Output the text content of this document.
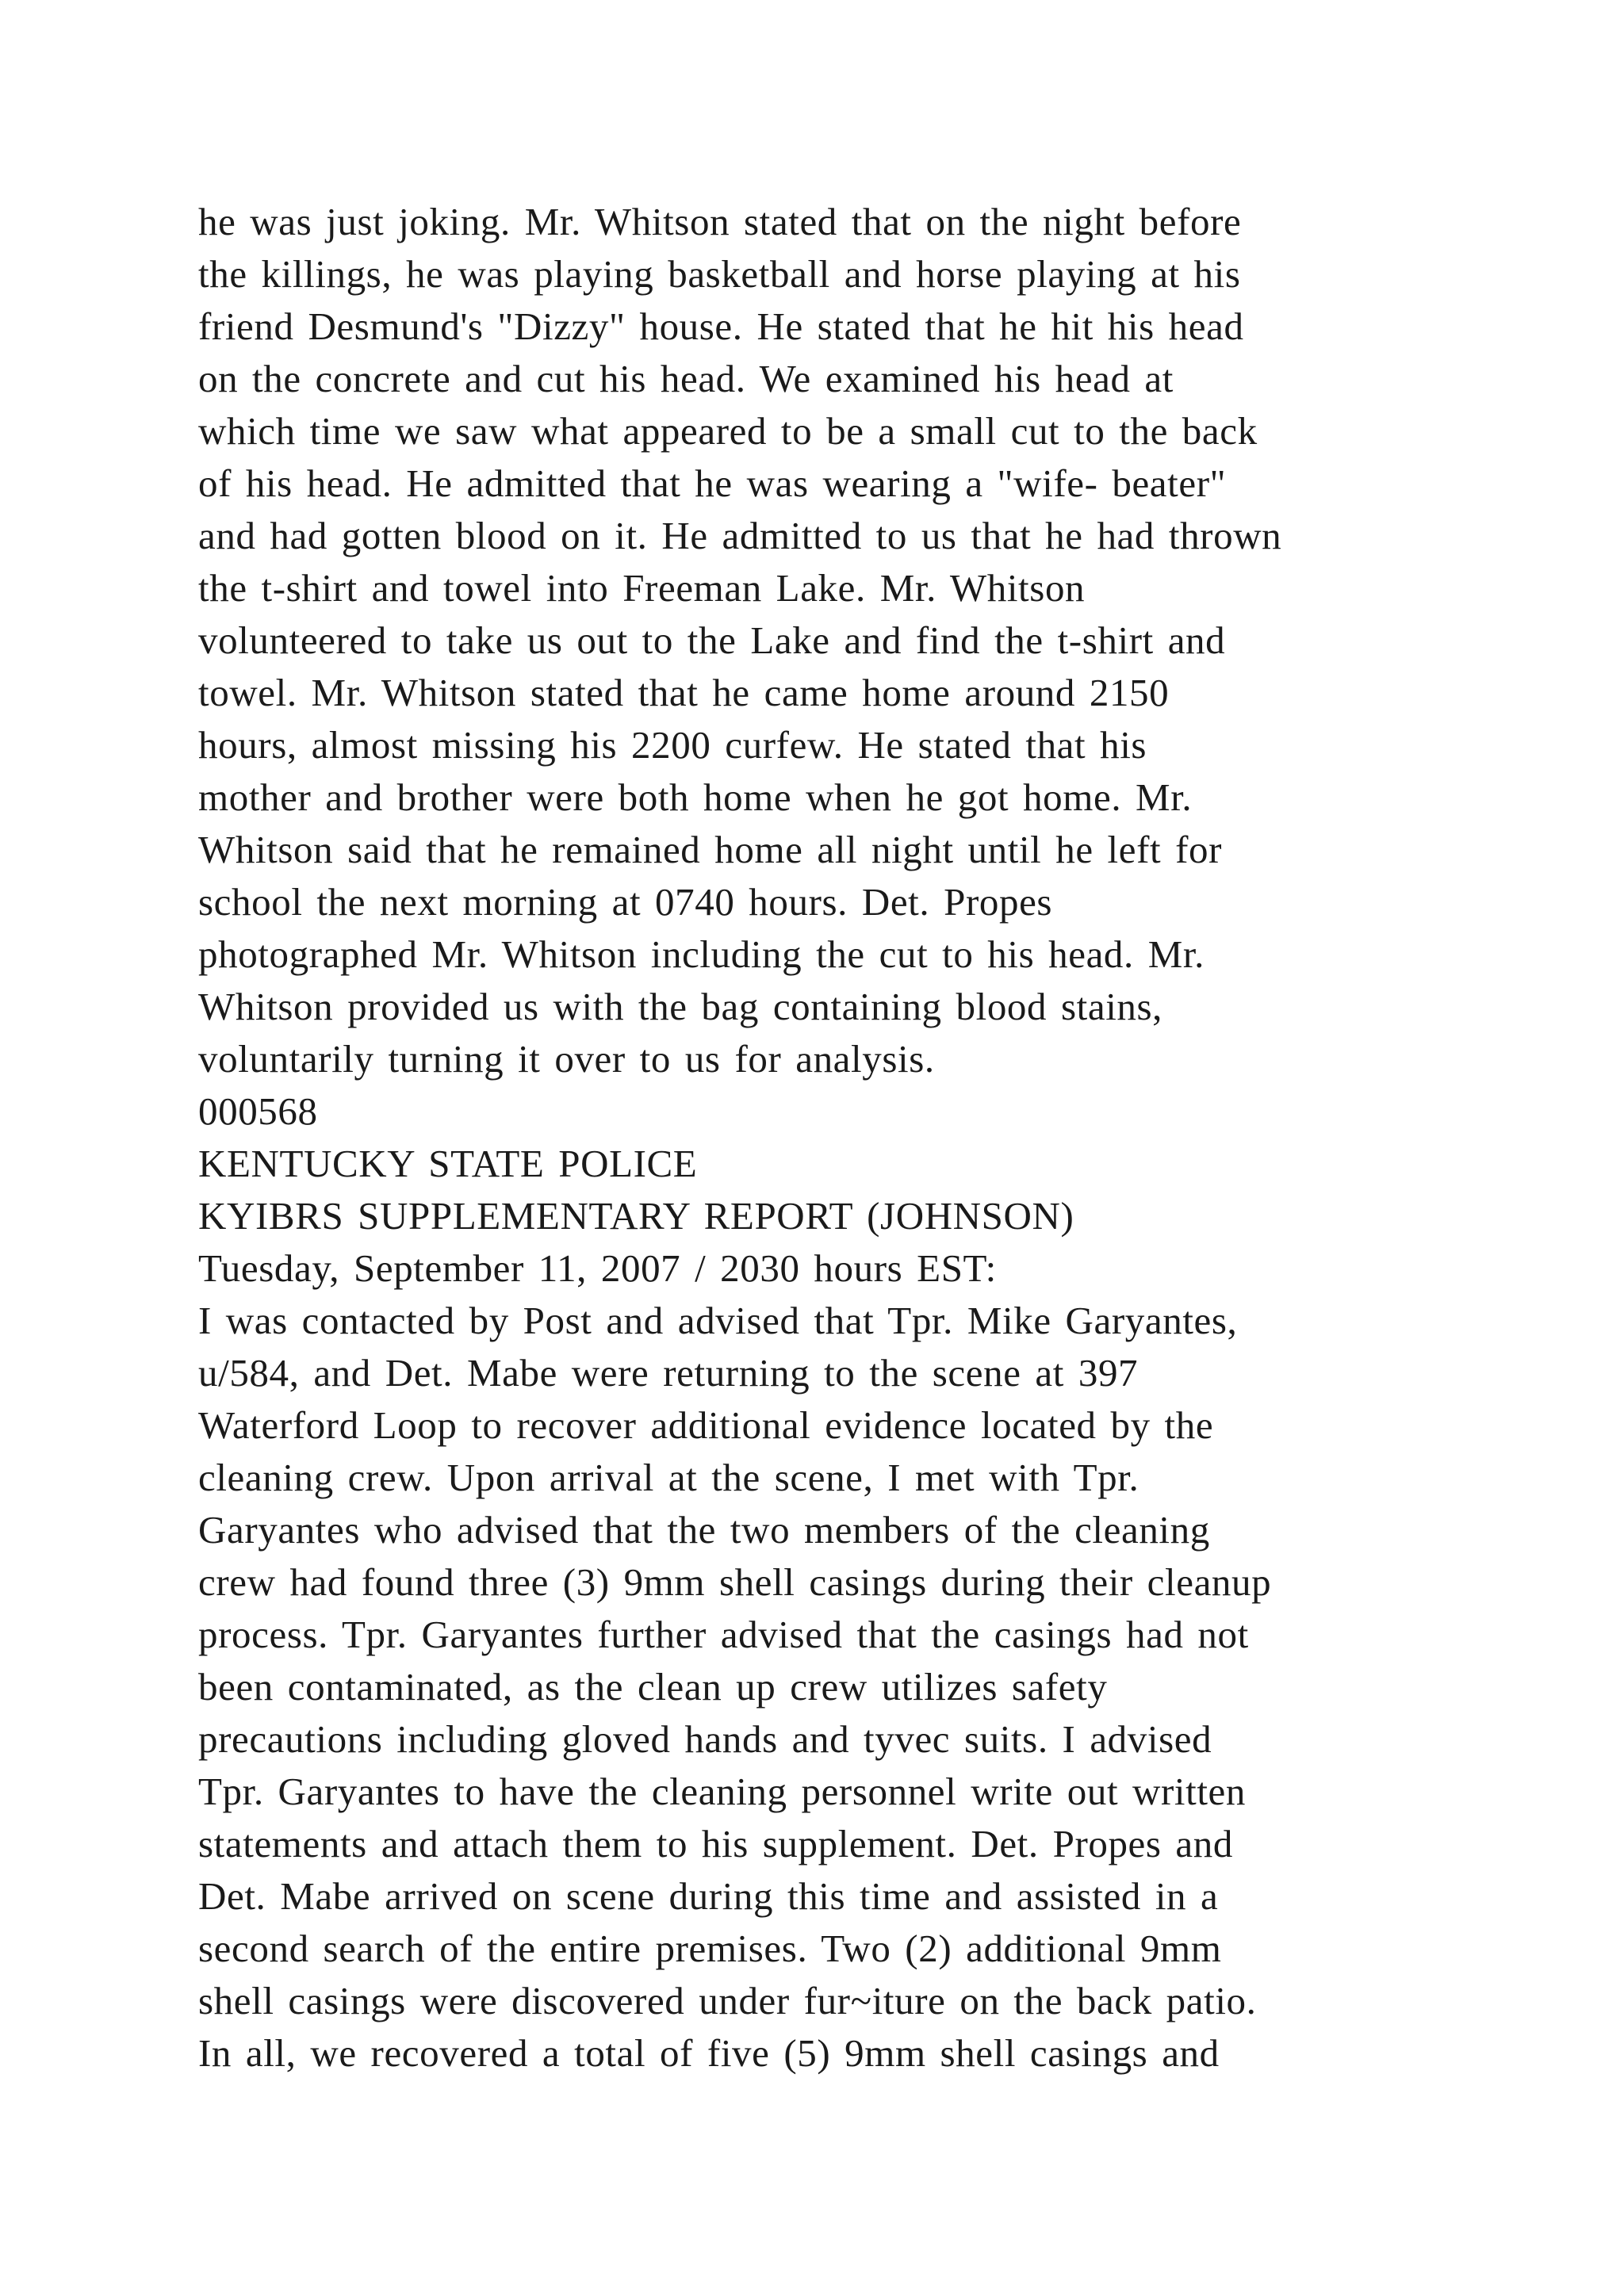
he was just joking. Mr. Whitson stated that on the night before
the killings, he was playing basketball and horse playing at his
friend Desmund's "Dizzy" house. He stated that he hit his head
on the concrete and cut his head. We examined his head at
which time we saw what appeared to be a small cut to the back
of his head. He admitted that he was wearing a "wife- beater"
and had gotten blood on it. He admitted to us that he had thrown
the t-shirt and towel into Freeman Lake. Mr. Whitson
volunteered to take us out to the Lake and find the t-shirt and
towel. Mr. Whitson stated that he came home around 2150
hours, almost missing his 2200 curfew. He stated that his
mother and brother were both home when he got home. Mr.
Whitson said that he remained home all night until he left for
school the next morning at 0740 hours. Det. Propes
photographed Mr. Whitson including the cut to his head. Mr.
Whitson provided us with the bag containing blood stains,
voluntarily turning it over to us for analysis.
000568
KENTUCKY STATE POLICE
KYIBRS SUPPLEMENTARY REPORT (JOHNSON)
Tuesday, September 11, 2007 / 2030 hours EST:
I was contacted by Post and advised that Tpr. Mike Garyantes,
u/584, and Det. Mabe were returning to the scene at 397
Waterford Loop to recover additional evidence located by the
cleaning crew. Upon arrival at the scene, I met with Tpr.
Garyantes who advised that the two members of the cleaning
crew had found three (3) 9mm shell casings during their cleanup
process. Tpr. Garyantes further advised that the casings had not
been contaminated, as the clean up crew utilizes safety
precautions including gloved hands and tyvec suits. I advised
Tpr. Garyantes to have the cleaning personnel write out written
statements and attach them to his supplement. Det. Propes and
Det. Mabe arrived on scene during this time and assisted in a
second search of the entire premises. Two (2) additional 9mm
shell casings were discovered under fur~iture on the back patio.
In all, we recovered a total of five (5) 9mm shell casings and
